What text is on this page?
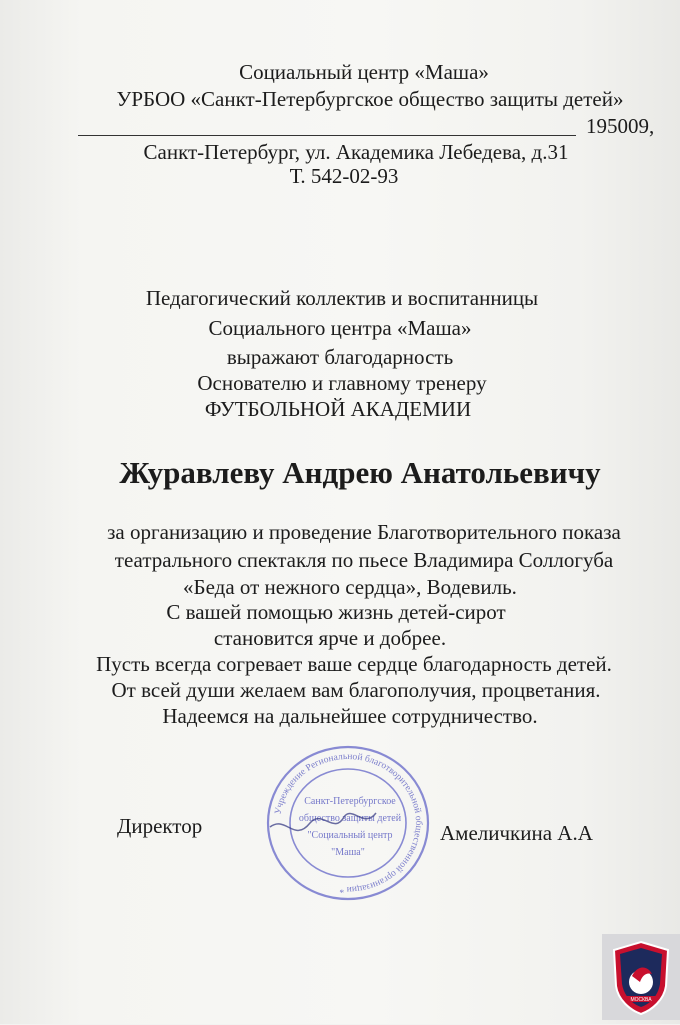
Социальный центр «Маша»
УРБОО «Санкт-Петербургское общество защиты детей»
195009,
Санкт-Петербург, ул. Академика Лебедева, д.31
Т. 542-02-93
Педагогический коллектив и воспитанницы
Социального центра «Маша»
выражают благодарность
Основателю и главному тренеру
ФУТБОЛЬНОЙ АКАДЕМИИ
Журавлеву Андрею Анатольевичу
за организацию и проведение Благотворительного показа
театрального спектакля по пьесе Владимира Соллогуба
«Беда от нежного сердца», Водевиль.
С вашей помощью жизнь детей-сирот
становится ярче и добрее.
Пусть всегда согревает ваше сердце благодарность детей.
От всей души желаем вам благополучия, процветания.
Надеемся на дальнейшее сотрудничество.
Директор	Амеличкина А.А
Учреждение Региональной благотворительной общественной организации *
Санкт-Петербургское
общество защиты детей
"Социальный центр
"Маша"
МОСКВА
